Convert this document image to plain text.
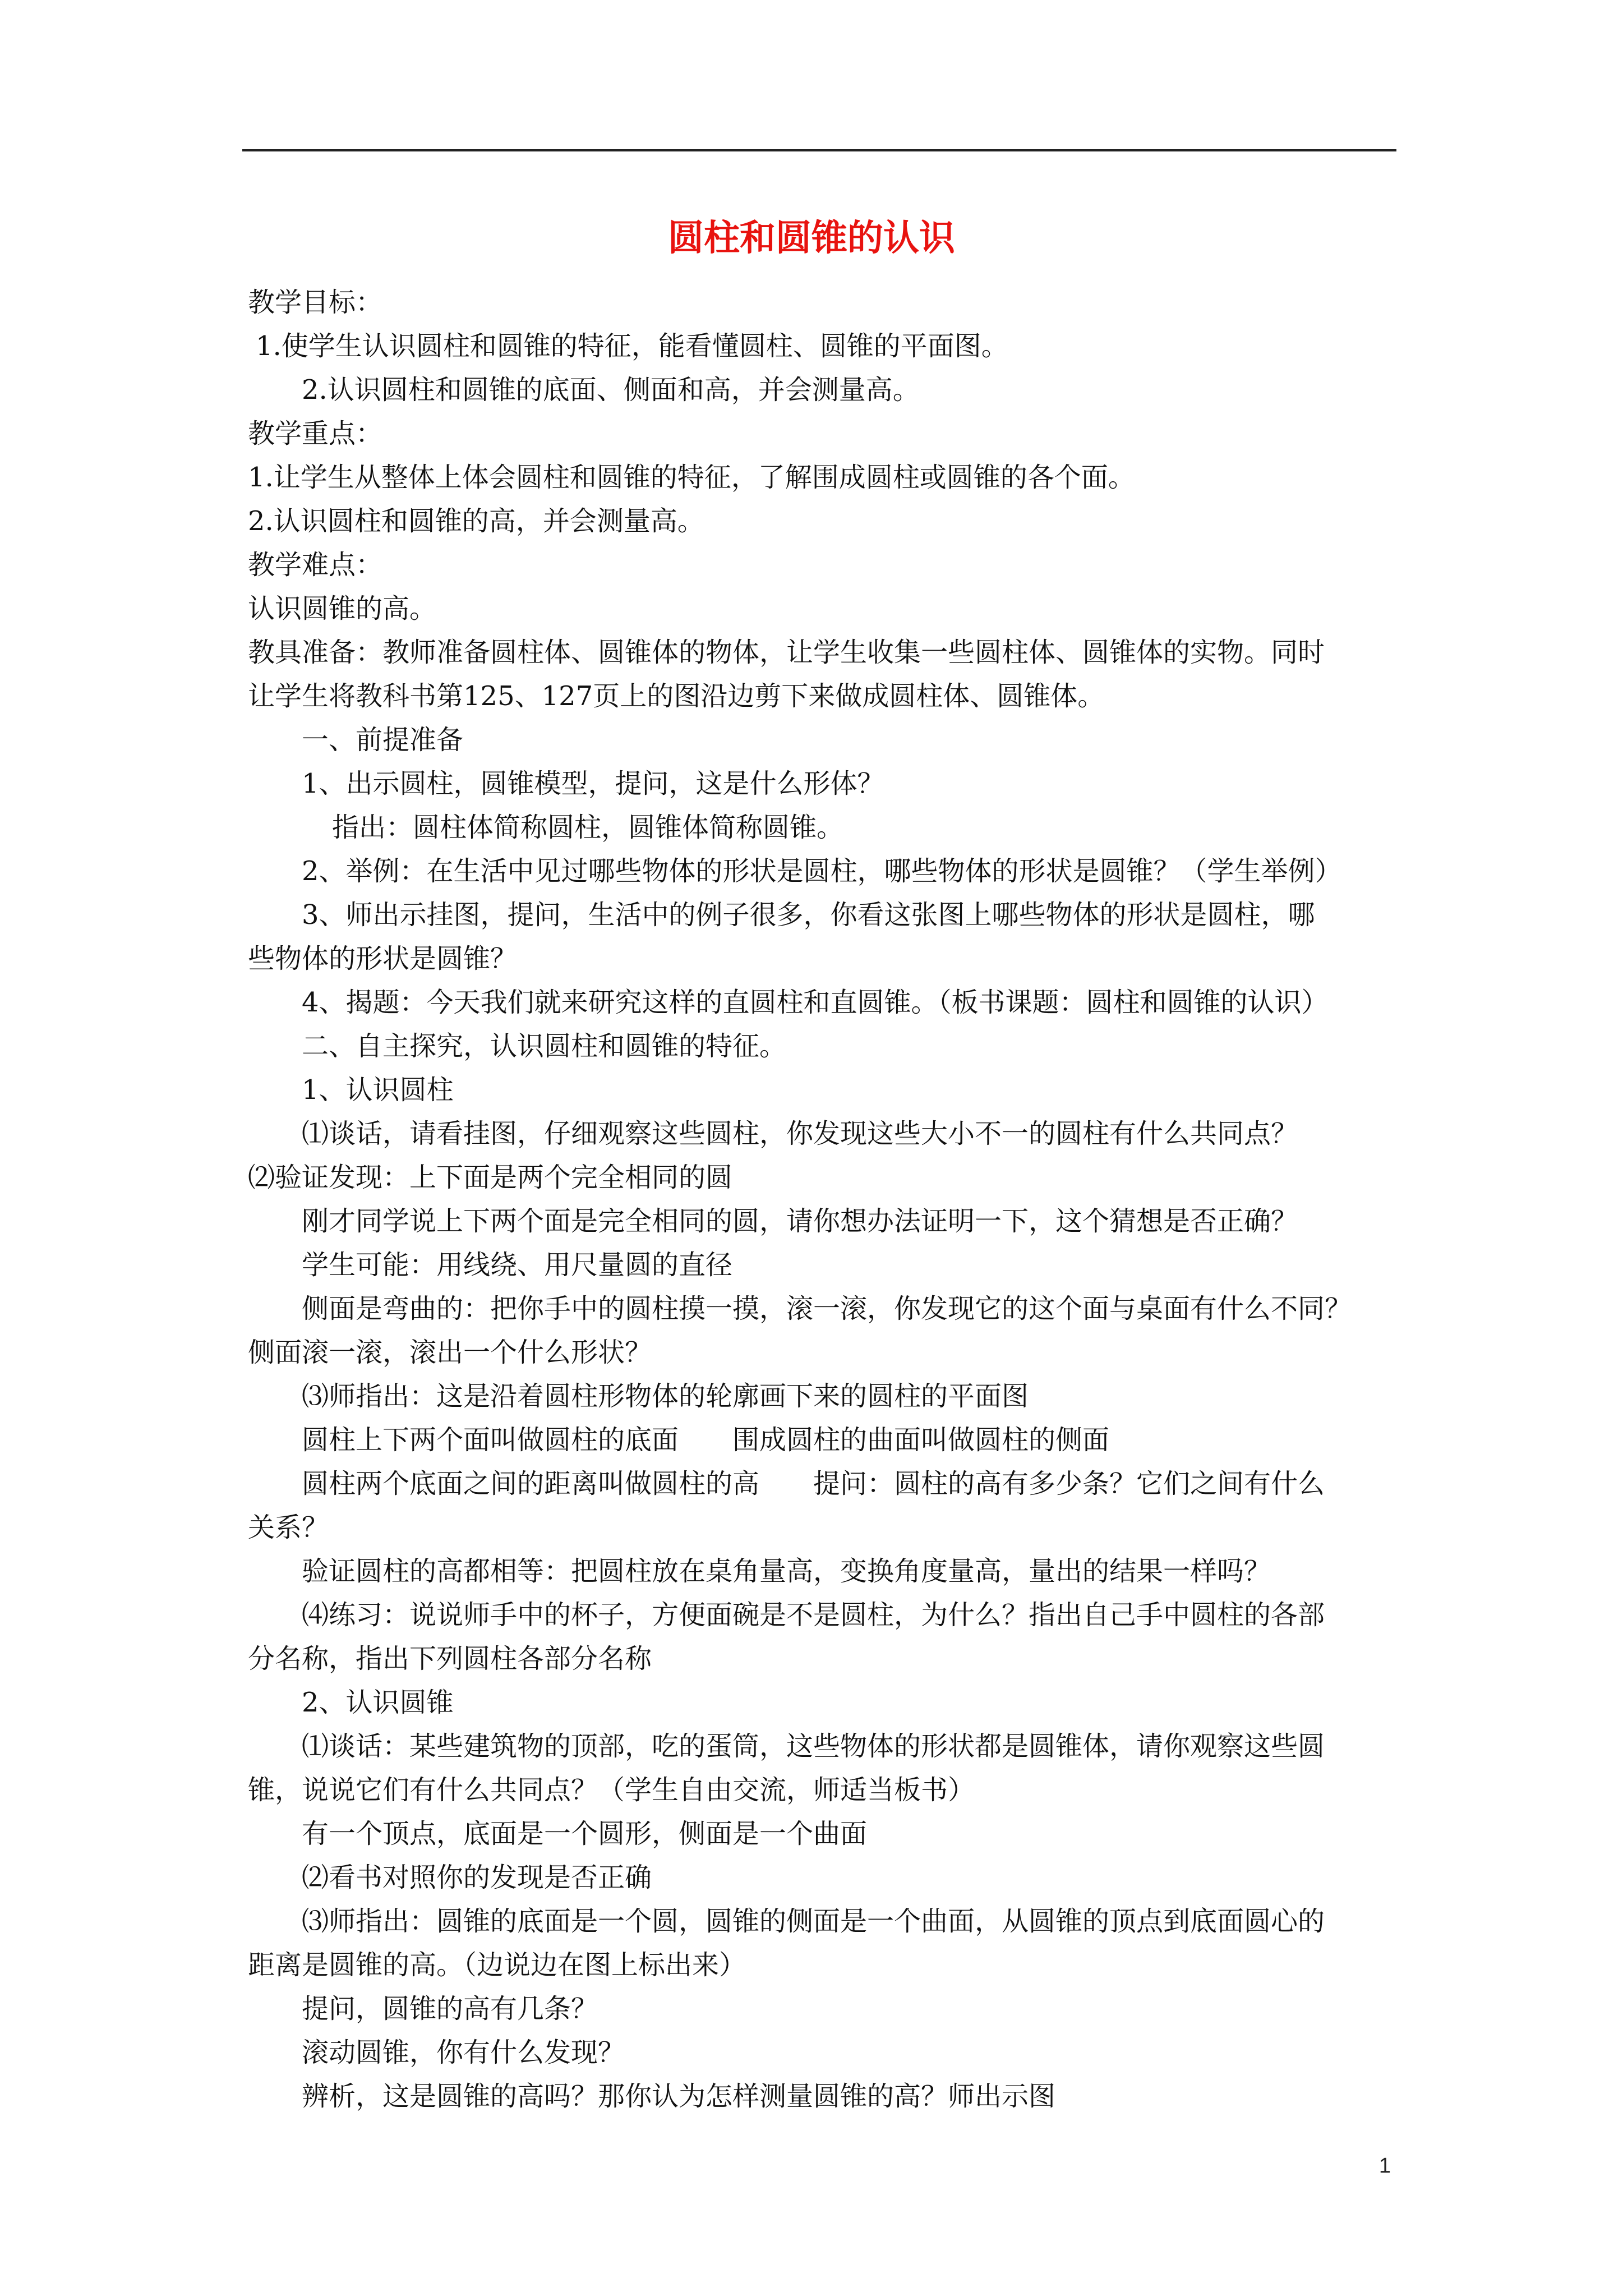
圆柱和圆锥的认识

教学目标：

1.使学生认识圆柱和圆锥的特征，能看懂圆柱、圆锥的平面图。

2.认识圆柱和圆锥的底面、侧面和高，并会测量高。

教学重点：

1.让学生从整体上体会圆柱和圆锥的特征，了解围成圆柱或圆锥的各个面。

2.认识圆柱和圆锥的高，并会测量高。

教学难点：

认识圆锥的高。

教具准备：教师准备圆柱体、圆锥体的物体，让学生收集一些圆柱体、圆锥体的实物。同时

让学生将教科书第125、127页上的图沿边剪下来做成圆柱体、圆锥体。

一、前提准备

1、出示圆柱，圆锥模型，提问，这是什么形体？

指出：圆柱体简称圆柱，圆锥体简称圆锥。

2、举例：在生活中见过哪些物体的形状是圆柱，哪些物体的形状是圆锥？（学生举例）

3、师出示挂图，提问，生活中的例子很多，你看这张图上哪些物体的形状是圆柱，哪

些物体的形状是圆锥？

4、揭题：今天我们就来研究这样的直圆柱和直圆锥。（板书课题：圆柱和圆锥的认识）

二、自主探究，认识圆柱和圆锥的特征。

1、认识圆柱

⑴谈话，请看挂图，仔细观察这些圆柱，你发现这些大小不一的圆柱有什么共同点？

⑵验证发现：上下面是两个完全相同的圆

刚才同学说上下两个面是完全相同的圆，请你想办法证明一下，这个猜想是否正确？

学生可能：用线绕、用尺量圆的直径

侧面是弯曲的：把你手中的圆柱摸一摸，滚一滚，你发现它的这个面与桌面有什么不同？

侧面滚一滚，滚出一个什么形状？

⑶师指出：这是沿着圆柱形物体的轮廓画下来的圆柱的平面图

圆柱上下两个面叫做圆柱的底面　　围成圆柱的曲面叫做圆柱的侧面

圆柱两个底面之间的距离叫做圆柱的高　　提问：圆柱的高有多少条？它们之间有什么

关系？

验证圆柱的高都相等：把圆柱放在桌角量高，变换角度量高，量出的结果一样吗？

⑷练习：说说师手中的杯子，方便面碗是不是圆柱，为什么？指出自己手中圆柱的各部

分名称，指出下列圆柱各部分名称

2、认识圆锥

⑴谈话：某些建筑物的顶部，吃的蛋筒，这些物体的形状都是圆锥体，请你观察这些圆

锥，说说它们有什么共同点？（学生自由交流，师适当板书）

有一个顶点，底面是一个圆形，侧面是一个曲面

⑵看书对照你的发现是否正确

⑶师指出：圆锥的底面是一个圆，圆锥的侧面是一个曲面，从圆锥的顶点到底面圆心的

距离是圆锥的高。（边说边在图上标出来）

提问，圆锥的高有几条？

滚动圆锥，你有什么发现？

辨析，这是圆锥的高吗？那你认为怎样测量圆锥的高？师出示图

1
